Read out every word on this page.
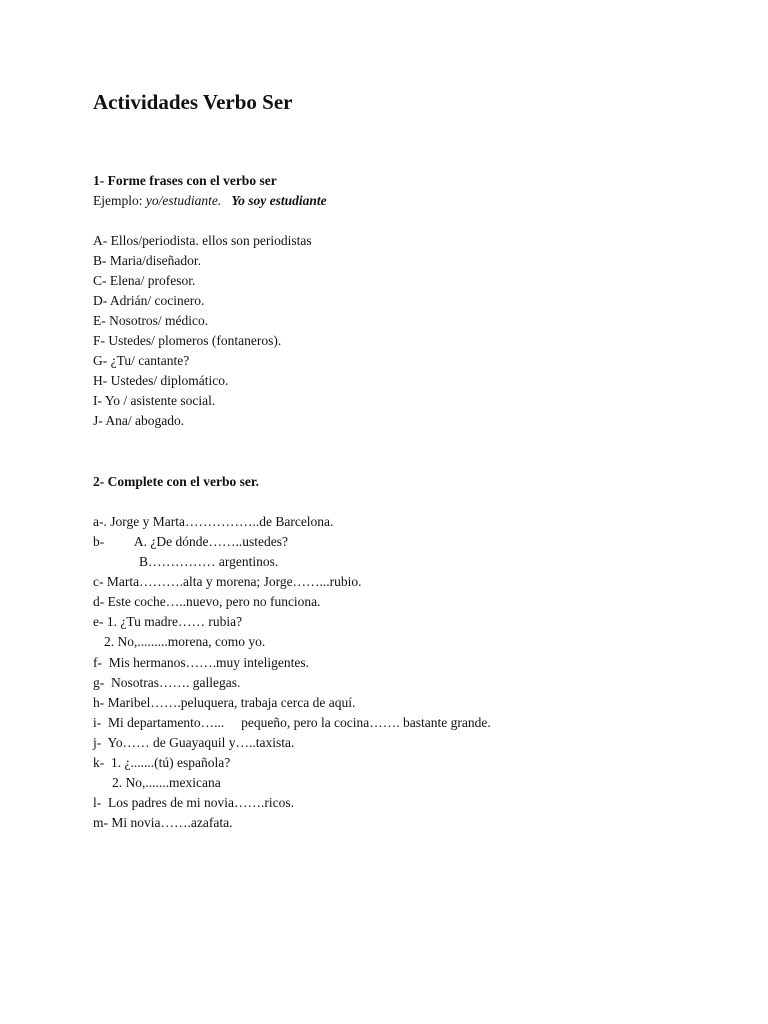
Actividades Verbo Ser
1- Forme frases con el verbo ser
Ejemplo: yo/estudiante. Yo soy estudiante
A- Ellos/periodista. ellos son periodistas
B- Maria/diseñador.
C- Elena/ profesor.
D- Adrián/ cocinero.
E- Nosotros/ médico.
F- Ustedes/ plomeros (fontaneros).
G- ¿Tu/ cantante?
H- Ustedes/ diplomático.
I- Yo / asistente social.
J- Ana/ abogado.
2- Complete con el verbo ser.
a-. Jorge y Marta……………..de Barcelona.
b-         A. ¿De dónde……..ustedes?
B…………… argentinos.
c- Marta……….alta y morena; Jorge……...rubio.
d- Este coche…..nuevo, pero no funciona.
e- 1. ¿Tu madre…… rubia?
2. No,.........morena, como yo.
f-  Mis hermanos…….muy inteligentes.
g-  Nosotras……. gallegas.
h- Maribel…….peluquera, trabaja cerca de aquí.
i-  Mi departamento…...     pequeño, pero la cocina……. bastante grande.
j-  Yo…… de Guayaquil y…..taxista.
k-  1. ¿.......(tú) española?
2. No,.......mexicana
l-  Los padres de mi novia…….ricos.
m- Mi novia…….azafata.
